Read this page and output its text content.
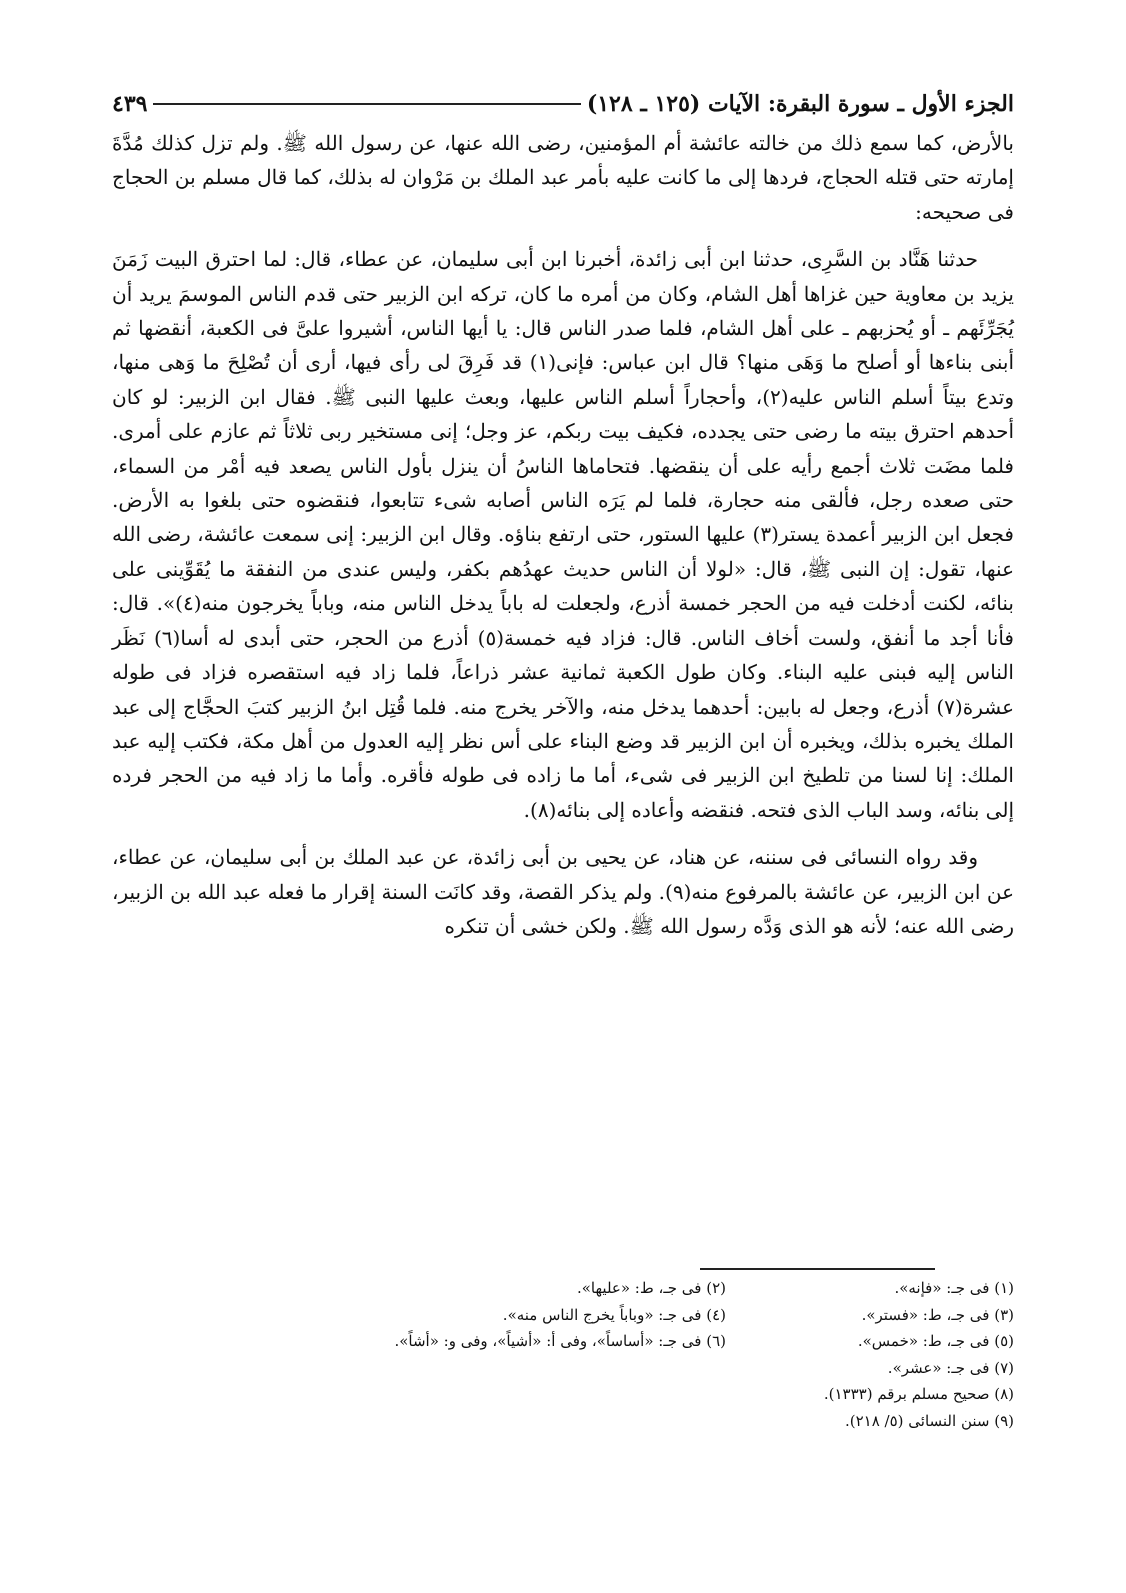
الجزء الأول ـ سورة البقرة: الآيات (١٢٥ ـ ١٢٨)
٤٣٩

بالأرض، كما سمع ذلك من خالته عائشة أم المؤمنين، رضى الله عنها، عن رسول الله ﷺ. ولم تزل كذلك مُدَّةَ إمارته حتى قتله الحجاج، فردها إلى ما كانت عليه بأمر عبد الملك بن مَرْوان له بذلك، كما قال مسلم بن الحجاج فى صحيحه:

حدثنا هَنَّاد بن السَّرِى، حدثنا ابن أبى زائدة، أخبرنا ابن أبى سليمان، عن عطاء، قال: لما احترق البيت زَمَنَ يزيد بن معاوية حين غزاها أهل الشام، وكان من أمره ما كان، تركه ابن الزبير حتى قدم الناس الموسمَ يريد أن يُجَرِّئَهم ـ أو يُحزبهم ـ على أهل الشام، فلما صدر الناس قال: يا أيها الناس، أشيروا علىَّ فى الكعبة، أنقضها ثم أبنى بناءها أو أصلح ما وَهَى منها؟ قال ابن عباس: فإنى(١) قد فَرِقَ لى رأى فيها، أرى أن تُصْلِحَ ما وَهى منها، وتدع بيتاً أسلم الناس عليه(٢)، وأحجاراً أسلم الناس عليها، وبعث عليها النبى ﷺ. فقال ابن الزبير: لو كان أحدهم احترق بيته ما رضى حتى يجدده، فكيف بيت ربكم، عز وجل؛ إنى مستخير ربى ثلاثاً ثم عازم على أمرى. فلما مضَت ثلاث أجمع رأيه على أن ينقضها. فتحاماها الناسُ أن ينزل بأول الناس يصعد فيه أمْر من السماء، حتى صعده رجل، فألقى منه حجارة، فلما لم يَرَه الناس أصابه شىء تتابعوا، فنقضوه حتى بلغوا به الأرض. فجعل ابن الزبير أعمدة يستر(٣) عليها الستور، حتى ارتفع بناؤه. وقال ابن الزبير: إنى سمعت عائشة، رضى الله عنها، تقول: إن النبى ﷺ، قال: «لولا أن الناس حديث عهدُهم بكفر، وليس عندى من النفقة ما يُقَوِّينى على بنائه، لكنت أدخلت فيه من الحجر خمسة أذرع، ولجعلت له باباً يدخل الناس منه، وباباً يخرجون منه(٤)». قال: فأنا أجد ما أنفق، ولست أخاف الناس. قال: فزاد فيه خمسة(٥) أذرع من الحجر، حتى أبدى له أسا(٦) نَظَر الناس إليه فبنى عليه البناء. وكان طول الكعبة ثمانية عشر ذراعاً، فلما زاد فيه استقصره فزاد فى طوله عشرة(٧) أذرع، وجعل له بابين: أحدهما يدخل منه، والآخر يخرج منه. فلما قُتِل ابنُ الزبير كتبَ الحجَّاج إلى عبد الملك يخبره بذلك، ويخبره أن ابن الزبير قد وضع البناء على أس نظر إليه العدول من أهل مكة، فكتب إليه عبد الملك: إنا لسنا من تلطيخ ابن الزبير فى شىء، أما ما زاده فى طوله فأقره. وأما ما زاد فيه من الحجر فرده إلى بنائه، وسد الباب الذى فتحه. فنقضه وأعاده إلى بنائه(٨).

وقد رواه النسائى فى سننه، عن هناد، عن يحيى بن أبى زائدة، عن عبد الملك بن أبى سليمان، عن عطاء، عن ابن الزبير، عن عائشة بالمرفوع منه(٩). ولم يذكر القصة، وقد كانَت السنة إقرار ما فعله عبد الله بن الزبير، رضى الله عنه؛ لأنه هو الذى وَدَّه رسول الله ﷺ. ولكن خشى أن تنكره

(١) فى جـ: «فإنه».
(٢) فى جـ، ط: «عليها».
(٣) فى جـ، ط: «فستر».
(٤) فى جـ: «وباباً يخرج الناس منه».
(٥) فى جـ، ط: «خمس».
(٦) فى جـ: «أساساً»، وفى أ: «أشياً»، وفى و: «أشاً».
(٧) فى جـ: «عشر».
(٨) صحيح مسلم برقم (١٣٣٣).
(٩) سنن النسائى (٥/ ٢١٨).
